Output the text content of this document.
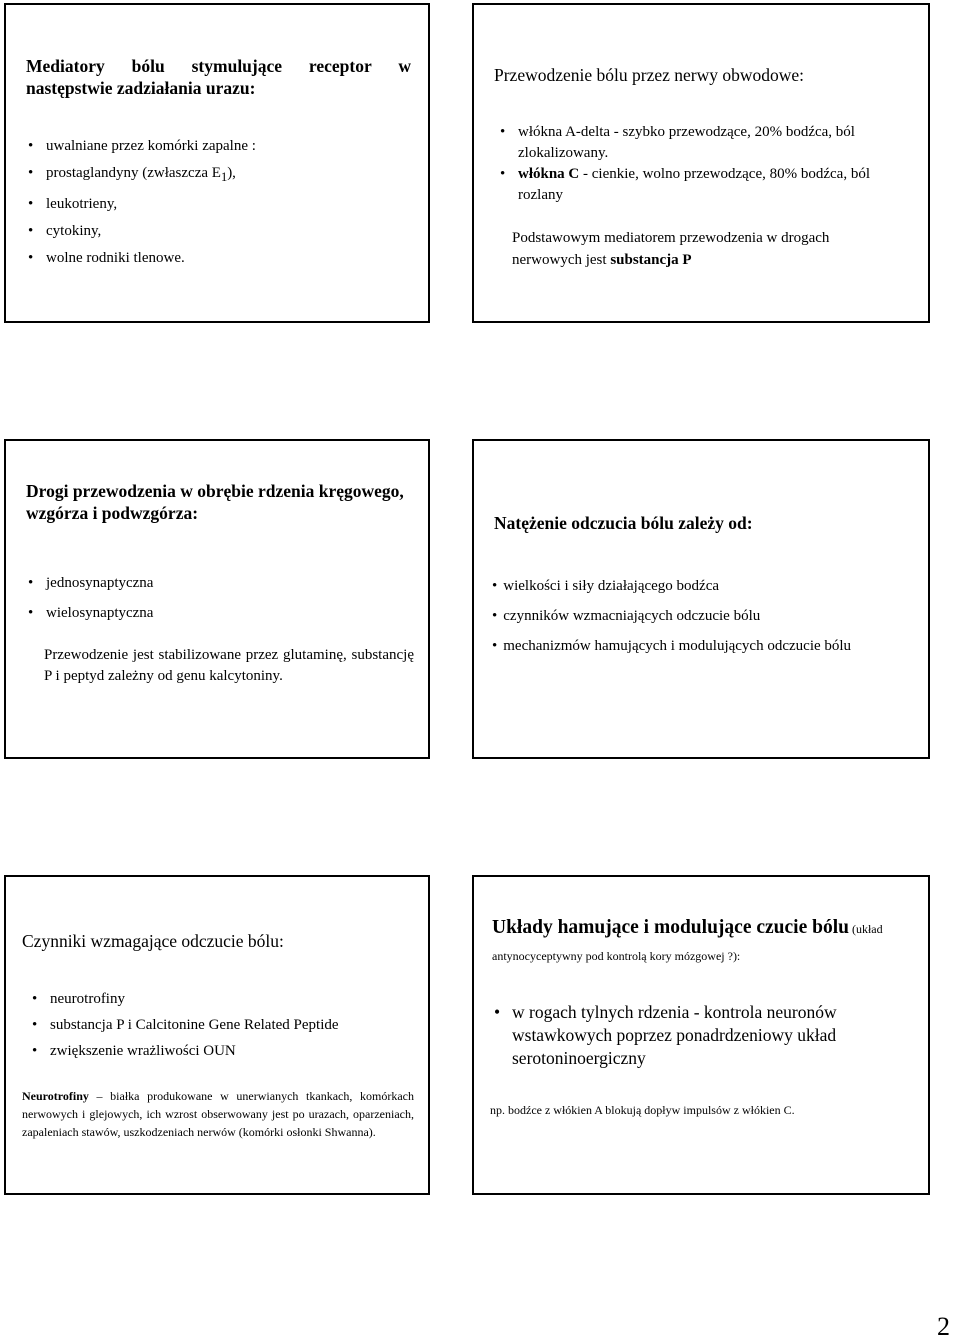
Mediatory bólu stymulujące receptor w następstwie zadziałania urazu:
• uwalniane przez komórki zapalne :
• prostaglandyny (zwłaszcza $E_1$),
• leukotrieny,
• cytokiny,
• wolne rodniki tlenowe.
Przewodzenie bólu przez nerwy obwodowe:
• włókna A-delta - szybko przewodzące, 20% bodźca, ból zlokalizowany.
• włókna C - cienkie, wolno przewodzące, 80% bodźca, ból rozlany

Podstawowym mediatorem przewodzenia w drogach nerwowych jest substancja P

Drogi przewodzenia w obrębie rdzenia kręgowego, wzgórza i podwzgórza:
• jednosynaptyczna
• wielosynaptyczna

Przewodzenie jest stabilizowane przez glutaminę, substancję P i peptyd zależny od genu kalcytoniny.

Natężenie odczucia bólu zależy od:
• wielkości i siły działającego bodźca
• czynników wzmacniających odczucie bólu
• mechanizmów hamujących i modulujących odczucie bólu
Czynniki wzmagające odczucie bólu:
• neurotrofiny
• substancja P i Calcitonine Gene Related Peptide
• zwiększenie wrażliwości OUN

Neurotrofiny – białka produkowane w unerwianych tkankach, komórkach nerwowych i glejowych, ich wzrost obserwowany jest po urazach, oparzeniach, zapaleniach stawów, uszkodzeniach nerwów (komórki osłonki Shwanna).

Układy hamujące i modulujące czucie bólu (układ antynocyceptywny pod kontrolą kory mózgowej ?):
• w rogach tylnych rdzenia - kontrola neuronów wstawkowych poprzez ponadrdzeniowy układ serotoninoergiczny

np. bodźce z włókien A blokują dopływ impulsów z włókien C.

2
